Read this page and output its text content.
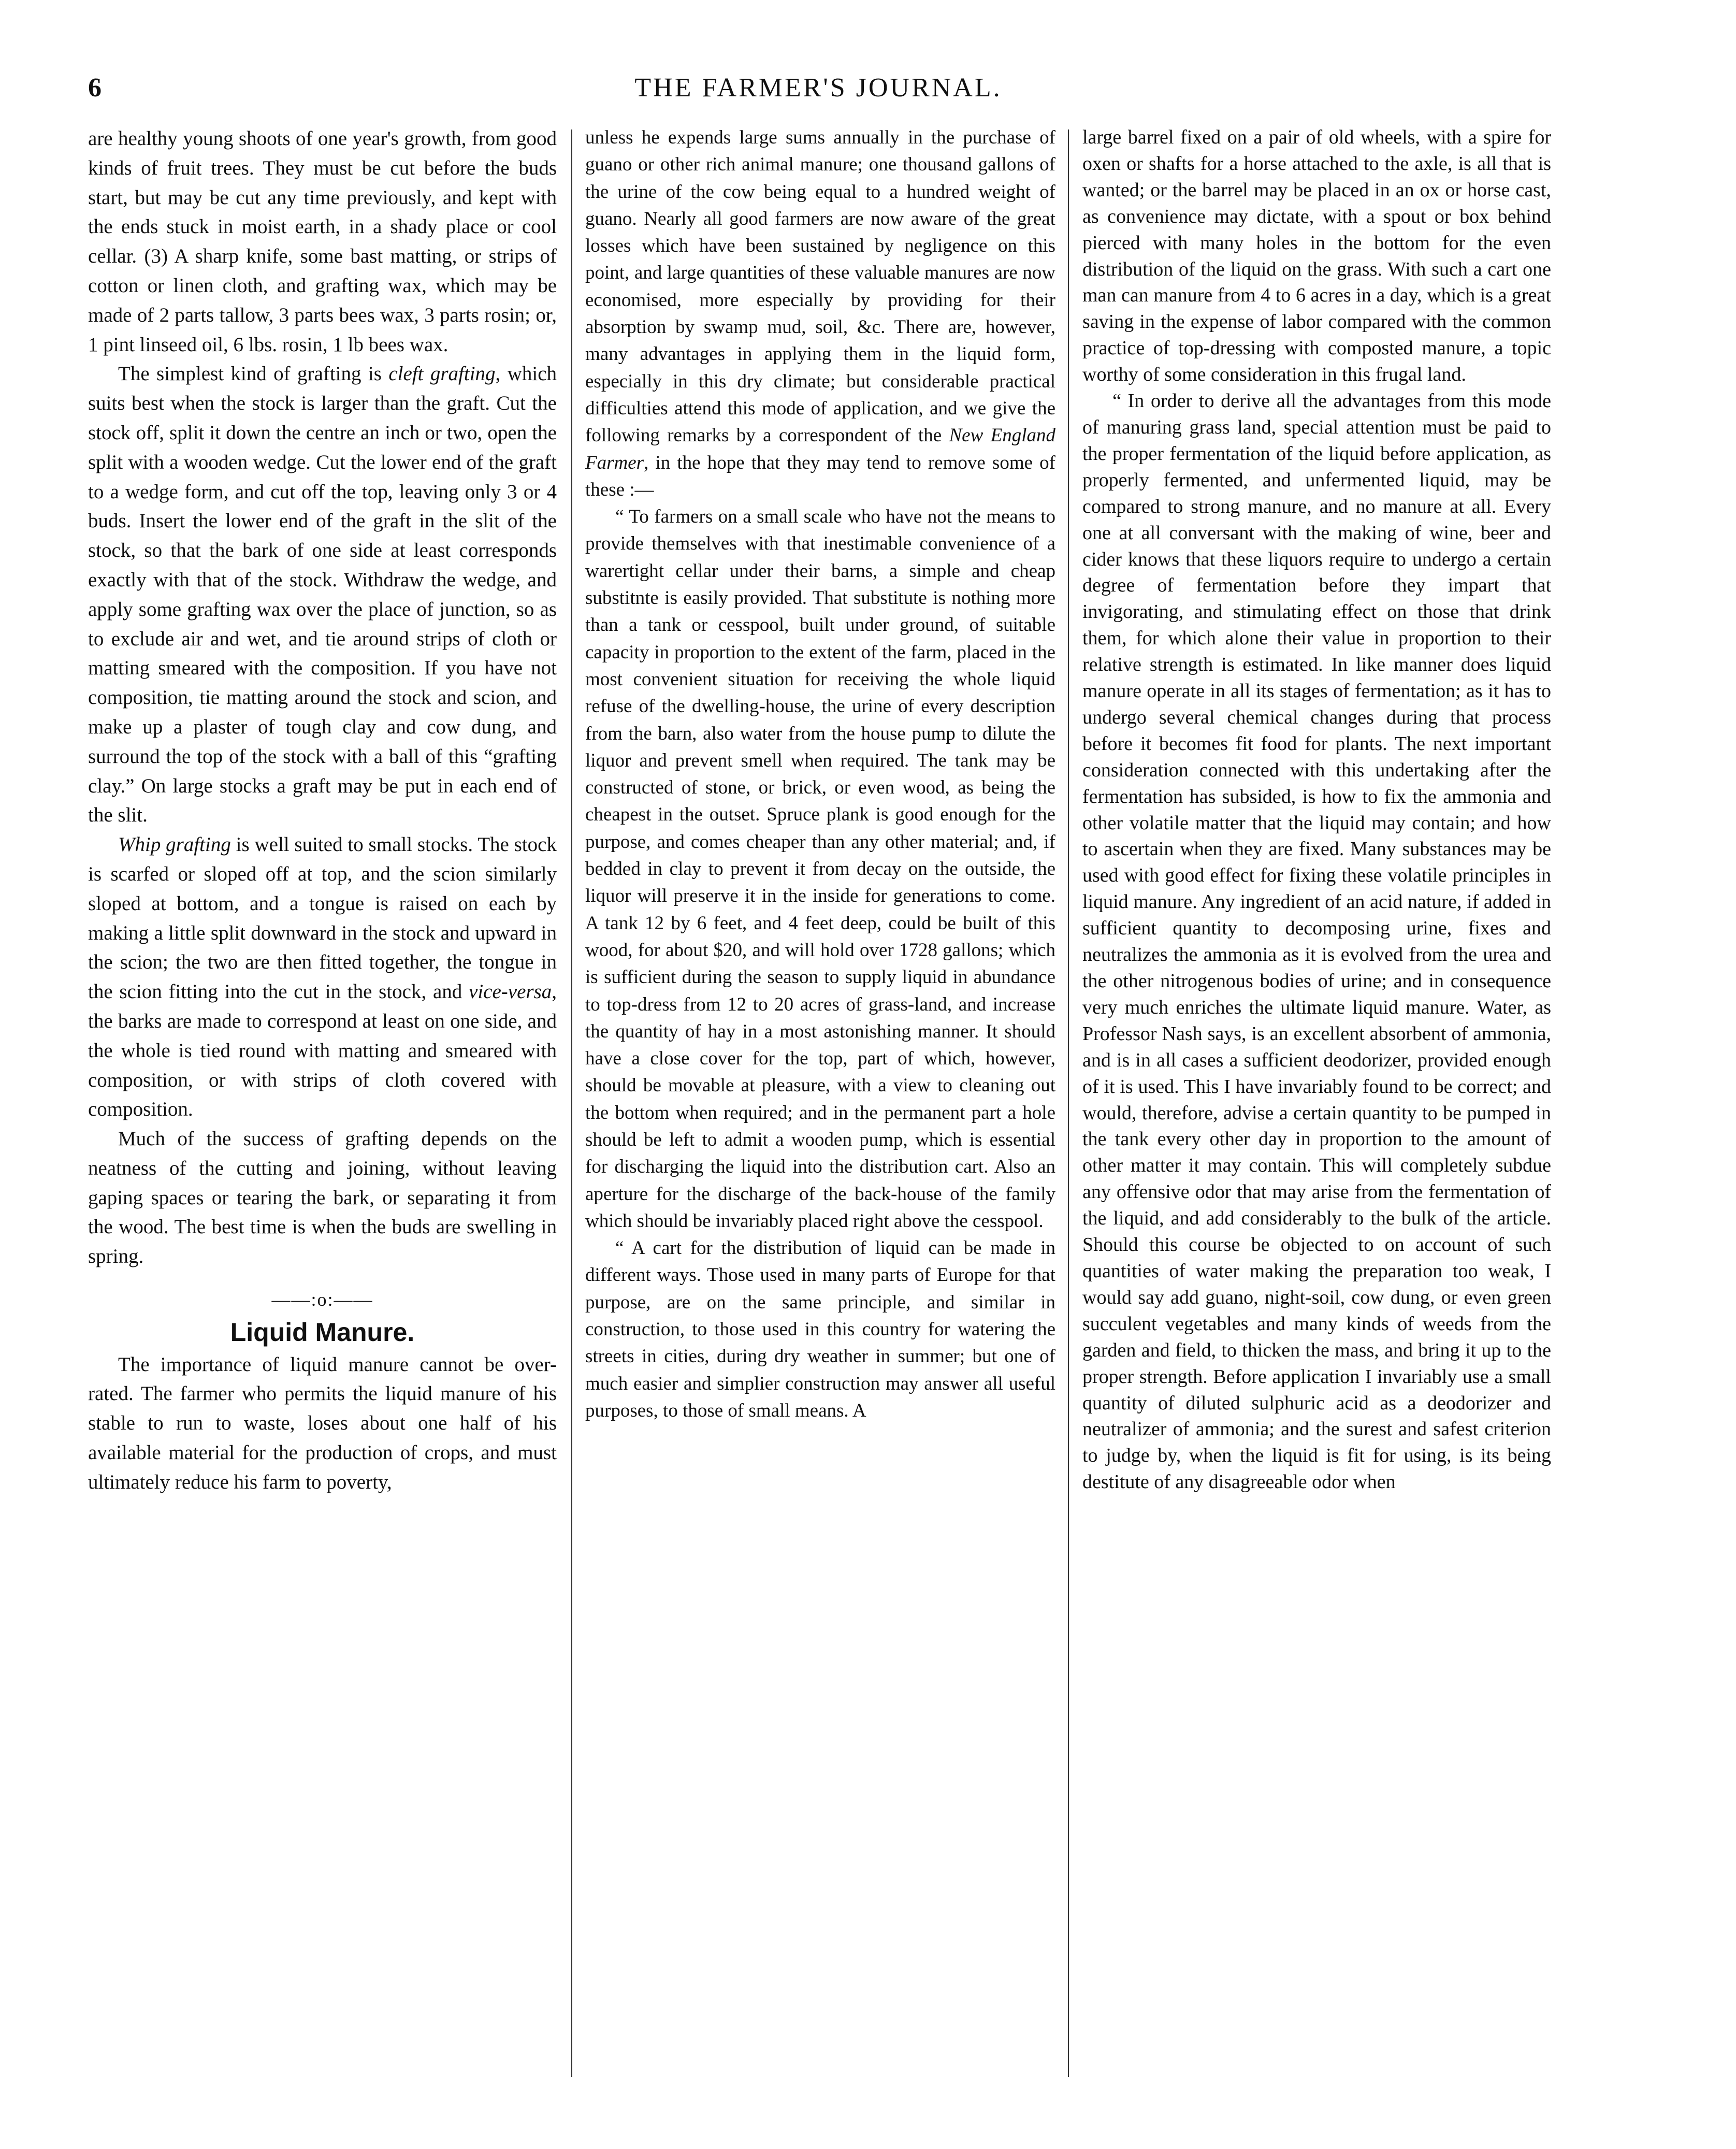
6	THE FARMER'S JOURNAL.

are healthy young shoots of one year's growth, from good kinds of fruit trees. They must be cut before the buds start, but may be cut any time previously, and kept with the ends stuck in moist earth, in a shady place or cool cellar. (3) A sharp knife, some bast matting, or strips of cotton or linen cloth, and grafting wax, which may be made of 2 parts tallow, 3 parts bees wax, 3 parts rosin; or, 1 pint linseed oil, 6 lbs. rosin, 1 lb bees wax.

The simplest kind of grafting is cleft grafting, which suits best when the stock is larger than the graft. Cut the stock off, split it down the centre an inch or two, open the split with a wooden wedge. Cut the lower end of the graft to a wedge form, and cut off the top, leaving only 3 or 4 buds. Insert the lower end of the graft in the slit of the stock, so that the bark of one side at least corresponds exactly with that of the stock. Withdraw the wedge, and apply some grafting wax over the place of junction, so as to exclude air and wet, and tie around strips of cloth or matting smeared with the composition. If you have not composition, tie matting around the stock and scion, and make up a plaster of tough clay and cow dung, and surround the top of the stock with a ball of this “grafting clay.” On large stocks a graft may be put in each end of the slit.

Whip grafting is well suited to small stocks. The stock is scarfed or sloped off at top, and the scion similarly sloped at bottom, and a tongue is raised on each by making a little split downward in the stock and upward in the scion; the two are then fitted together, the tongue in the scion fitting into the cut in the stock, and vice-versa, the barks are made to correspond at least on one side, and the whole is tied round with matting and smeared with composition, or with strips of cloth covered with composition.

Much of the success of grafting depends on the neatness of the cutting and joining, without leaving gaping spaces or tearing the bark, or separating it from the wood. The best time is when the buds are swelling in spring.

——:o:——
Liquid Manure.

The importance of liquid manure cannot be over-rated. The farmer who permits the liquid manure of his stable to run to waste, loses about one half of his available material for the production of crops, and must ultimately reduce his farm to poverty,

unless he expends large sums annually in the purchase of guano or other rich animal manure; one thousand gallons of the urine of the cow being equal to a hundred weight of guano. Nearly all good farmers are now aware of the great losses which have been sustained by negligence on this point, and large quantities of these valuable manures are now economised, more especially by providing for their absorption by swamp mud, soil, &c. There are, however, many advantages in applying them in the liquid form, especially in this dry climate; but considerable practical difficulties attend this mode of application, and we give the following remarks by a correspondent of the New England Farmer, in the hope that they may tend to remove some of these :—

“ To farmers on a small scale who have not the means to provide themselves with that inestimable convenience of a warertight cellar under their barns, a simple and cheap substitnte is easily provided. That substitute is nothing more than a tank or cesspool, built under ground, of suitable capacity in proportion to the extent of the farm, placed in the most convenient situation for receiving the whole liquid refuse of the dwelling-house, the urine of every description from the barn, also water from the house pump to dilute the liquor and prevent smell when required. The tank may be constructed of stone, or brick, or even wood, as being the cheapest in the outset. Spruce plank is good enough for the purpose, and comes cheaper than any other material; and, if bedded in clay to prevent it from decay on the outside, the liquor will preserve it in the inside for generations to come. A tank 12 by 6 feet, and 4 feet deep, could be built of this wood, for about $20, and will hold over 1728 gallons; which is sufficient during the season to supply liquid in abundance to top-dress from 12 to 20 acres of grass-land, and increase the quantity of hay in a most astonishing manner. It should have a close cover for the top, part of which, however, should be movable at pleasure, with a view to cleaning out the bottom when required; and in the permanent part a hole should be left to admit a wooden pump, which is essential for discharging the liquid into the distribution cart. Also an aperture for the discharge of the back-house of the family which should be invariably placed right above the cesspool.

“ A cart for the distribution of liquid can be made in different ways. Those used in many parts of Europe for that purpose, are on the same principle, and similar in construction, to those used in this country for watering the streets in cities, during dry weather in summer; but one of much easier and simplier construction may answer all useful purposes, to those of small means. A

large barrel fixed on a pair of old wheels, with a spire for oxen or shafts for a horse attached to the axle, is all that is wanted; or the barrel may be placed in an ox or horse cast, as convenience may dictate, with a spout or box behind pierced with many holes in the bottom for the even distribution of the liquid on the grass. With such a cart one man can manure from 4 to 6 acres in a day, which is a great saving in the expense of labor compared with the common practice of top-dressing with composted manure, a topic worthy of some consideration in this frugal land.

“ In order to derive all the advantages from this mode of manuring grass land, special attention must be paid to the proper fermentation of the liquid before application, as properly fermented, and unfermented liquid, may be compared to strong manure, and no manure at all. Every one at all conversant with the making of wine, beer and cider knows that these liquors require to undergo a certain degree of fermentation before they impart that invigorating, and stimulating effect on those that drink them, for which alone their value in proportion to their relative strength is estimated. In like manner does liquid manure operate in all its stages of fermentation; as it has to undergo several chemical changes during that process before it becomes fit food for plants. The next important consideration connected with this undertaking after the fermentation has subsided, is how to fix the ammonia and other volatile matter that the liquid may contain; and how to ascertain when they are fixed. Many substances may be used with good effect for fixing these volatile principles in liquid manure. Any ingredient of an acid nature, if added in sufficient quantity to decomposing urine, fixes and neutralizes the ammonia as it is evolved from the urea and the other nitrogenous bodies of urine; and in consequence very much enriches the ultimate liquid manure. Water, as Professor Nash says, is an excellent absorbent of ammonia, and is in all cases a sufficient deodorizer, provided enough of it is used. This I have invariably found to be correct; and would, therefore, advise a certain quantity to be pumped in the tank every other day in proportion to the amount of other matter it may contain. This will completely subdue any offensive odor that may arise from the fermentation of the liquid, and add considerably to the bulk of the article. Should this course be objected to on account of such quantities of water making the preparation too weak, I would say add guano, night-soil, cow dung, or even green succulent vegetables and many kinds of weeds from the garden and field, to thicken the mass, and bring it up to the proper strength. Before application I invariably use a small quantity of diluted sulphuric acid as a deodorizer and neutralizer of ammonia; and the surest and safest criterion to judge by, when the liquid is fit for using, is its being destitute of any disagreeable odor when
